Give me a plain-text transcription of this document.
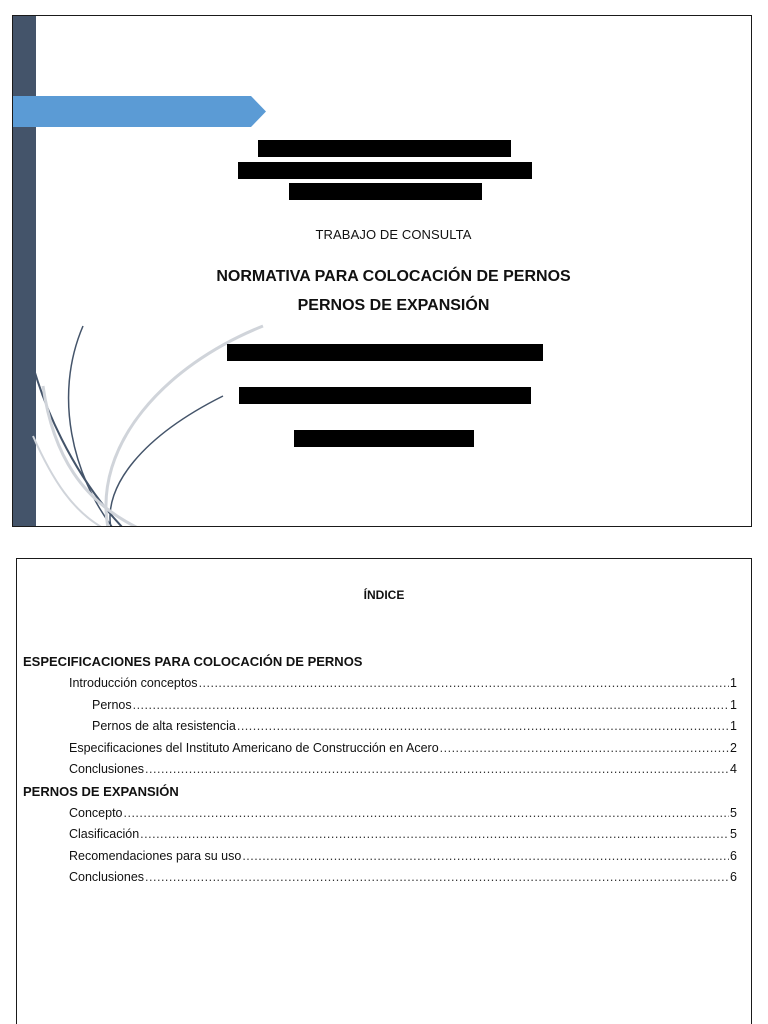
TRABAJO DE CONSULTA
NORMATIVA PARA COLOCACIÓN DE PERNOS
PERNOS DE EXPANSIÓN
ÍNDICE
ESPECIFICACIONES PARA COLOCACIÓN DE PERNOS
Introducción conceptos .....	1
Pernos .....	1
Pernos de alta resistencia .....	1
Especificaciones del Instituto Americano de Construcción en Acero .....	2
Conclusiones .....	4
PERNOS DE EXPANSIÓN
Concepto .....	5
Clasificación .....	5
Recomendaciones para su uso .....	6
Conclusiones .....	6
